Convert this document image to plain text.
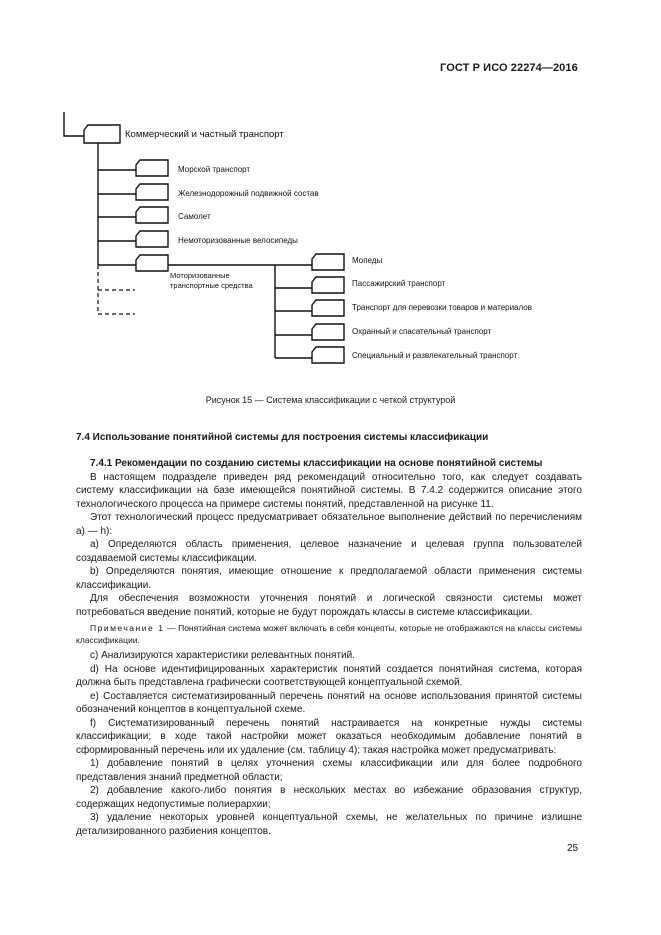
ГОСТ Р ИСО 22274—2016
Коммерческий и частный транспорт
Морской транспорт
Железнодорожный подвижной состав
Самолет
Немоторизованные велосипеды
Моторизованные транспортные средства
Мопеды
Пассажирский транспорт
Транспорт для перевозки товаров и материалов
Охранный и спасательный транспорт
Специальный и развлекательный транспорт
Рисунок 15 — Система классификации с четкой структурой
7.4 Использование понятийной системы для построения системы классификации

7.4.1 Рекомендации по созданию системы классификации на основе понятийной системы

В настоящем подразделе приведен ряд рекомендаций относительно того, как следует создавать систему классификации на базе имеющейся понятийной системы. В 7.4.2 содержится описание этого технологического процесса на примере системы понятий, представленной на рисунке 11.

Этот технологический процесс предусматривает обязательное выполнение действий по перечислениям а) — h):

а) Определяются область применения, целевое назначение и целевая группа пользователей создаваемой системы классификации.

b) Определяются понятия, имеющие отношение к предполагаемой области применения системы классификации.

Для обеспечения возможности уточнения понятий и логической связности системы может потребоваться введение понятий, которые не будут порождать классы в системе классификации.

Примечание 1 — Понятийная система может включать в себя концепты, которые не отображаются на классы системы классификации.

с) Анализируются характеристики релевантных понятий.

d) На основе идентифицированных характеристик понятий создается понятийная система, которая должна быть представлена графически соответствующей концептуальной схемой.

е) Составляется систематизированный перечень понятий на основе использования принятой системы обозначений концептов в концептуальной схеме.

f) Систематизированный перечень понятий настраивается на конкретные нужды системы классификации; в ходе такой настройки может оказаться необходимым добавление понятий в сформированный перечень или их удаление (см. таблицу 4); такая настройка может предусматривать:

1) добавление понятий в целях уточнения схемы классификации или для более подробного представления знаний предметной области;

2) добавление какого-либо понятия в нескольких местах во избежание образования структур, содержащих недопустимые полиерархии;

3) удаление некоторых уровней концептуальной схемы, не желательных по причине излишне детализированного разбиения концептов.

25
